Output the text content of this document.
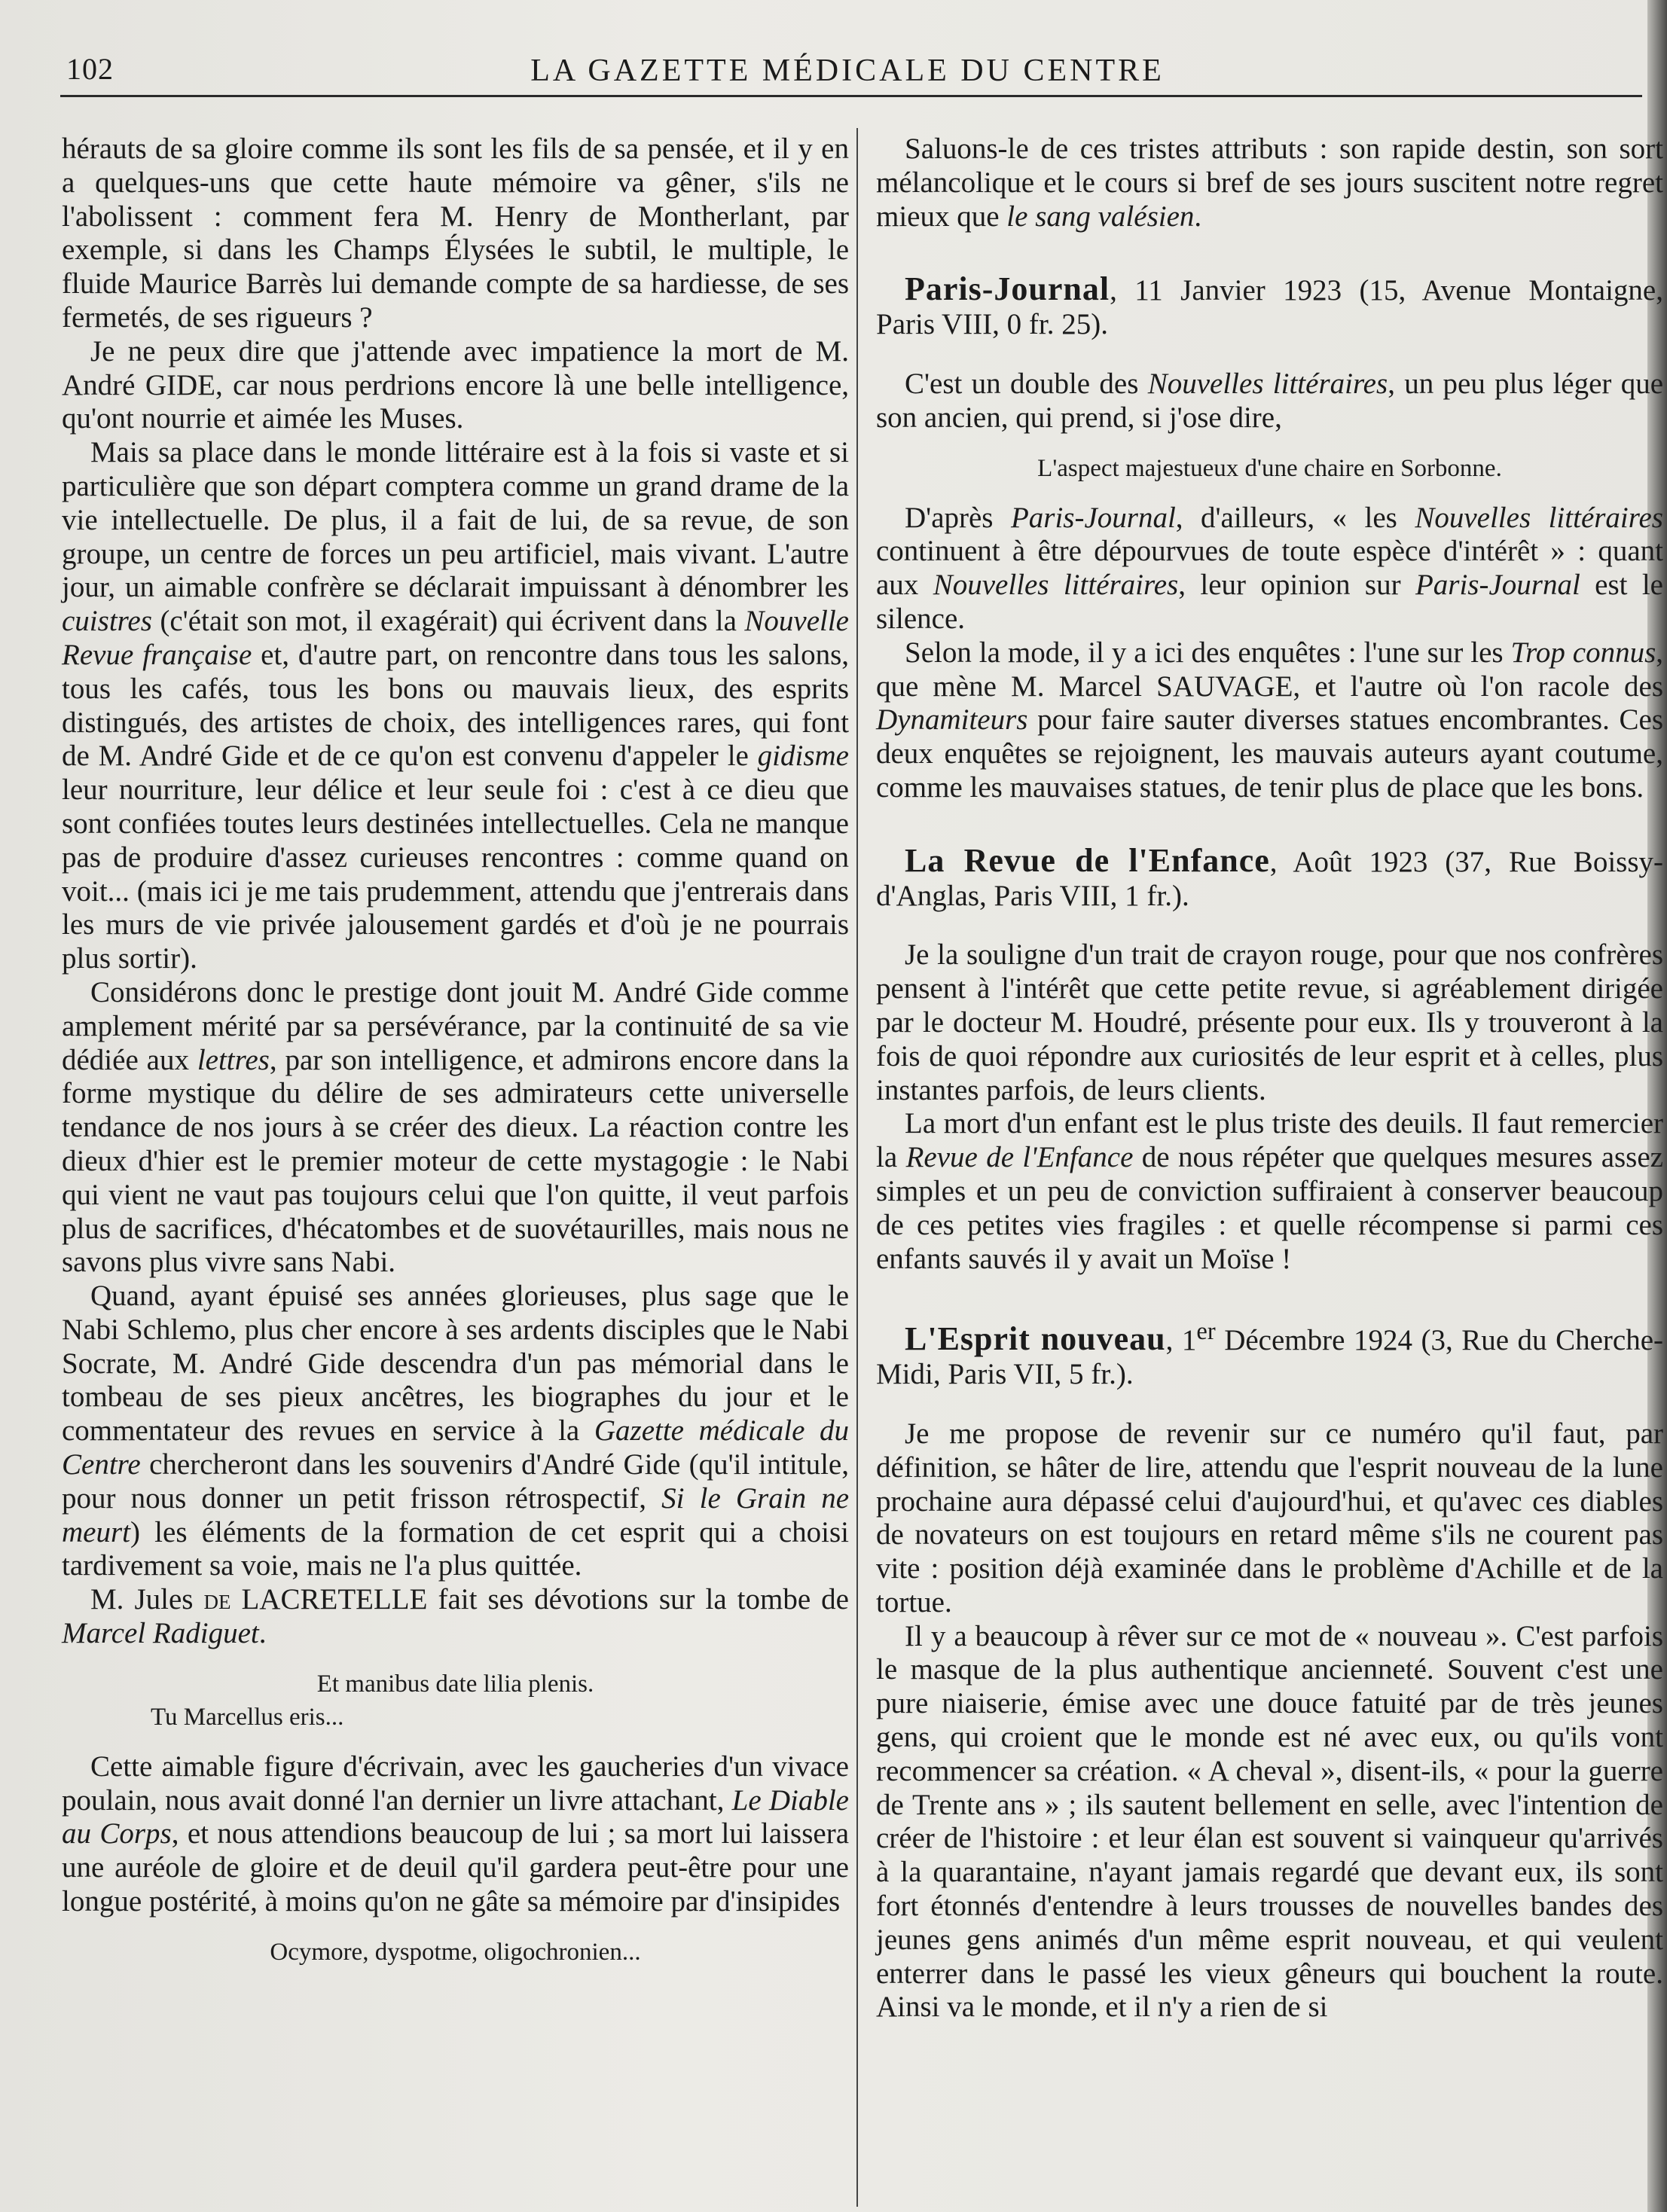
102	LA GAZETTE MÉDICALE DU CENTRE

hérauts de sa gloire comme ils sont les fils de sa pensée, et il y en a quelques-uns que cette haute mémoire va gêner, s'ils ne l'abolissent : comment fera M. Henry de Montherlant, par exemple, si dans les Champs Élysées le subtil, le multiple, le fluide Maurice Barrès lui demande compte de sa hardiesse, de ses fermetés, de ses rigueurs ?

Je ne peux dire que j'attende avec impatience la mort de M. André GIDE, car nous perdrions encore là une belle intelligence, qu'ont nourrie et aimée les Muses.

Mais sa place dans le monde littéraire est à la fois si vaste et si particulière que son départ comptera comme un grand drame de la vie intellectuelle. De plus, il a fait de lui, de sa revue, de son groupe, un centre de forces un peu artificiel, mais vivant. L'autre jour, un aimable confrère se déclarait impuissant à dénombrer les cuistres (c'était son mot, il exagérait) qui écrivent dans la Nouvelle Revue française et, d'autre part, on rencontre dans tous les salons, tous les cafés, tous les bons ou mauvais lieux, des esprits distingués, des artistes de choix, des intelligences rares, qui font de M. André Gide et de ce qu'on est convenu d'appeler le gidisme leur nourriture, leur délice et leur seule foi : c'est à ce dieu que sont confiées toutes leurs destinées intellectuelles. Cela ne manque pas de produire d'assez curieuses rencontres : comme quand on voit... (mais ici je me tais prudemment, attendu que j'entrerais dans les murs de vie privée jalousement gardés et d'où je ne pourrais plus sortir).

Considérons donc le prestige dont jouit M. André Gide comme amplement mérité par sa persévérance, par la continuité de sa vie dédiée aux lettres, par son intelligence, et admirons encore dans la forme mystique du délire de ses admirateurs cette universelle tendance de nos jours à se créer des dieux. La réaction contre les dieux d'hier est le premier moteur de cette mystagogie : le Nabi qui vient ne vaut pas toujours celui que l'on quitte, il veut parfois plus de sacrifices, d'hécatombes et de suovétaurilles, mais nous ne savons plus vivre sans Nabi.

Quand, ayant épuisé ses années glorieuses, plus sage que le Nabi Schlemo, plus cher encore à ses ardents disciples que le Nabi Socrate, M. André Gide descendra d'un pas mémorial dans le tombeau de ses pieux ancêtres, les biographes du jour et le commentateur des revues en service à la Gazette médicale du Centre chercheront dans les souvenirs d'André Gide (qu'il intitule, pour nous donner un petit frisson rétrospectif, Si le Grain ne meurt) les éléments de la formation de cet esprit qui a choisi tardivement sa voie, mais ne l'a plus quittée.

M. Jules de LACRETELLE fait ses dévotions sur la tombe de Marcel Radiguet.

Et manibus date lilia plenis.

Tu Marcellus eris...

Cette aimable figure d'écrivain, avec les gaucheries d'un vivace poulain, nous avait donné l'an dernier un livre attachant, Le Diable au Corps, et nous attendions beaucoup de lui ; sa mort lui laissera une auréole de gloire et de deuil qu'il gardera peut-être pour une longue postérité, à moins qu'on ne gâte sa mémoire par d'insipides

Ocymore, dyspotme, oligochronien...

Saluons-le de ces tristes attributs : son rapide destin, son sort mélancolique et le cours si bref de ses jours suscitent notre regret mieux que le sang valésien.

Paris-Journal, 11 Janvier 1923 (15, Avenue Montaigne, Paris VIII, 0 fr. 25).

C'est un double des Nouvelles littéraires, un peu plus léger que son ancien, qui prend, si j'ose dire,

L'aspect majestueux d'une chaire en Sorbonne.

D'après Paris-Journal, d'ailleurs, « les Nouvelles littéraires continuent à être dépourvues de toute espèce d'intérêt » : quant aux Nouvelles littéraires, leur opinion sur Paris-Journal est le silence.

Selon la mode, il y a ici des enquêtes : l'une sur les Trop connus, que mène M. Marcel SAUVAGE, et l'autre où l'on racole des Dynamiteurs pour faire sauter diverses statues encombrantes. Ces deux enquêtes se rejoignent, les mauvais auteurs ayant coutume, comme les mauvaises statues, de tenir plus de place que les bons.

La Revue de l'Enfance, Août 1923 (37, Rue Boissy-d'Anglas, Paris VIII, 1 fr.).

Je la souligne d'un trait de crayon rouge, pour que nos confrères pensent à l'intérêt que cette petite revue, si agréablement dirigée par le docteur M. Houdré, présente pour eux. Ils y trouveront à la fois de quoi répondre aux curiosités de leur esprit et à celles, plus instantes parfois, de leurs clients.

La mort d'un enfant est le plus triste des deuils. Il faut remercier la Revue de l'Enfance de nous répéter que quelques mesures assez simples et un peu de conviction suffiraient à conserver beaucoup de ces petites vies fragiles : et quelle récompense si parmi ces enfants sauvés il y avait un Moïse !

L'Esprit nouveau, 1er Décembre 1924 (3, Rue du Cherche-Midi, Paris VII, 5 fr.).

Je me propose de revenir sur ce numéro qu'il faut, par définition, se hâter de lire, attendu que l'esprit nouveau de la lune prochaine aura dépassé celui d'aujourd'hui, et qu'avec ces diables de novateurs on est toujours en retard même s'ils ne courent pas vite : position déjà examinée dans le problème d'Achille et de la tortue.

Il y a beaucoup à rêver sur ce mot de « nouveau ». C'est parfois le masque de la plus authentique ancienneté. Souvent c'est une pure niaiserie, émise avec une douce fatuité par de très jeunes gens, qui croient que le monde est né avec eux, ou qu'ils vont recommencer sa création. « A cheval », disent-ils, « pour la guerre de Trente ans » ; ils sautent bellement en selle, avec l'intention de créer de l'histoire : et leur élan est souvent si vainqueur qu'arrivés à la quarantaine, n'ayant jamais regardé que devant eux, ils sont fort étonnés d'entendre à leurs trousses de nouvelles bandes des jeunes gens animés d'un même esprit nouveau, et qui veulent enterrer dans le passé les vieux gêneurs qui bouchent la route. Ainsi va le monde, et il n'y a rien de si
